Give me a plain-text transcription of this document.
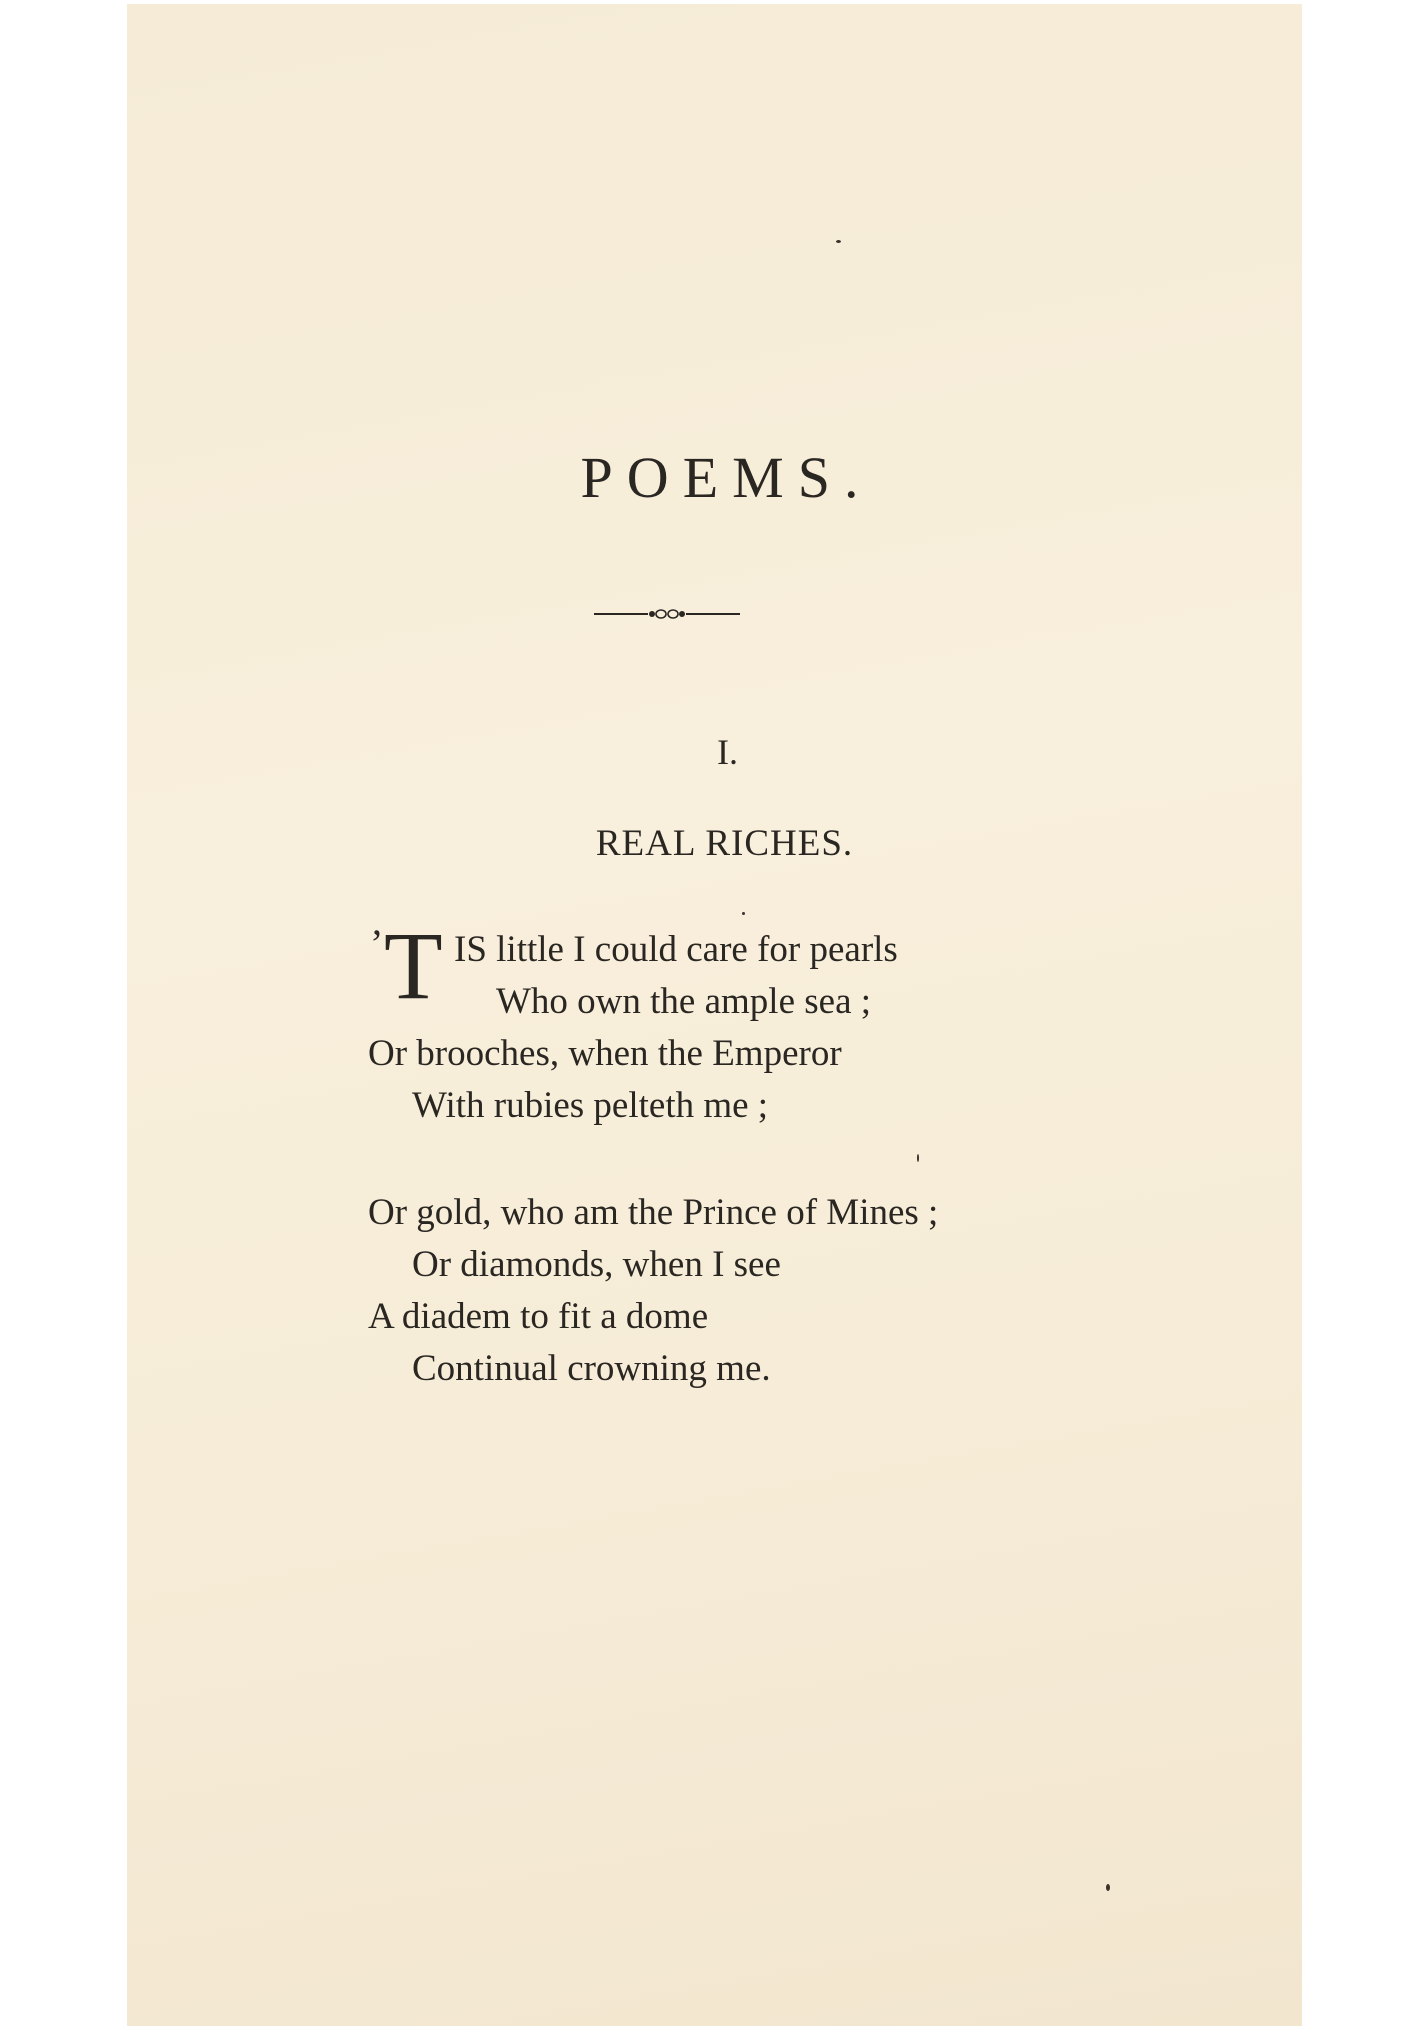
POEMS.
I.
REAL RICHES.
’ T IS little I could care for pearls
Who own the ample sea ;
Or brooches, when the Emperor
With rubies pelteth me ;
Or gold, who am the Prince of Mines ;
Or diamonds, when I see
A diadem to fit a dome
Continual crowning me.
